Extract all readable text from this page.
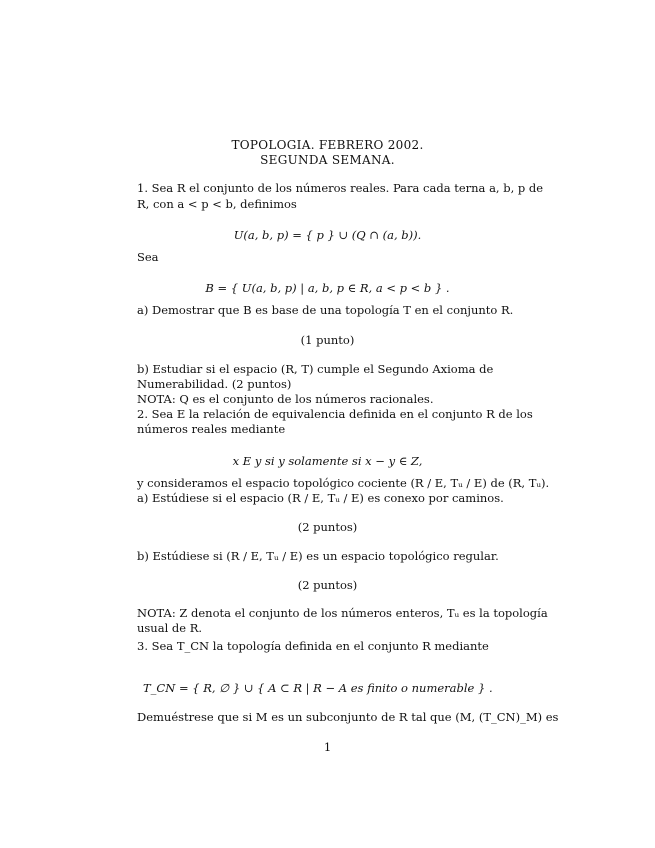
TOPOLOGIA. FEBRERO 2002.
SEGUNDA SEMANA.
1. Sea R el conjunto de los números reales. Para cada terna a, b, p de
R, con a < p < b, definimos
U(a, b, p) = { p } ∪ (Q ∩ (a, b)).
Sea
B = { U(a, b, p) | a, b, p ∈ R, a < p < b } .
a) Demostrar que B es base de una topología T en el conjunto R.
(1 punto)
b) Estudiar si el espacio (R, T) cumple el Segundo Axioma de
Numerabilidad. (2 puntos)
NOTA: Q es el conjunto de los números racionales.
2. Sea E la relación de equivalencia definida en el conjunto R de los
números reales mediante
x E y si y solamente si x − y ∈ Z,
y consideramos el espacio topológico cociente (R / E, Tᵤ / E) de (R, Tᵤ).
a) Estúdiese si el espacio (R / E, Tᵤ / E) es conexo por caminos.
(2 puntos)
b) Estúdiese si (R / E, Tᵤ / E) es un espacio topológico regular.
(2 puntos)
NOTA: Z denota el conjunto de los números enteros, Tᵤ es la topología
usual de R.
3. Sea T_CN la topología definida en el conjunto R mediante
T_CN = { R, ∅ } ∪ { A ⊂ R | R − A es finito o numerable } .
Demuéstrese que si M es un subconjunto de R tal que (M, (T_CN)_M) es
1
